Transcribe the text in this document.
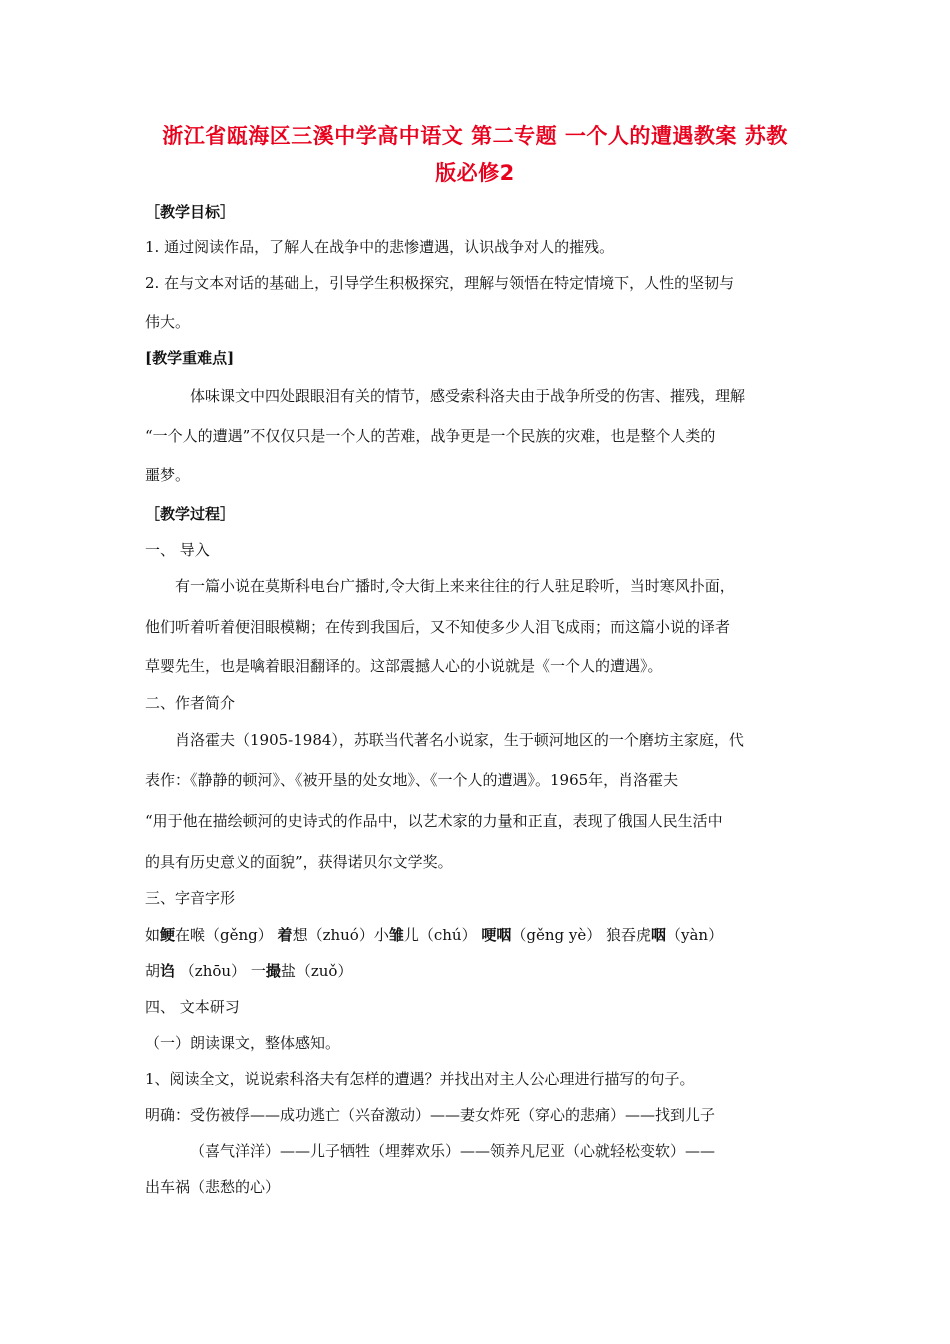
浙江省瓯海区三溪中学高中语文 第二专题 一个人的遭遇教案 苏教
版必修2
［教学目标］
1. 通过阅读作品，了解人在战争中的悲惨遭遇，认识战争对人的摧残。
2. 在与文本对话的基础上，引导学生积极探究，理解与领悟在特定情境下，人性的坚韧与
伟大。
[教学重难点]
体味课文中四处跟眼泪有关的情节，感受索科洛夫由于战争所受的伤害、摧残，理解
“一个人的遭遇”不仅仅只是一个人的苦难，战争更是一个民族的灾难，也是整个人类的
噩梦。
［教学过程］
一、 导入
有一篇小说在莫斯科电台广播时,令大街上来来往往的行人驻足聆听，当时寒风扑面，
他们听着听着便泪眼模糊；在传到我国后，又不知使多少人泪飞成雨；而这篇小说的译者
草婴先生，也是噙着眼泪翻译的。这部震撼人心的小说就是《一个人的遭遇》。
二、作者简介
肖洛霍夫（1905-1984），苏联当代著名小说家，生于顿河地区的一个磨坊主家庭，代
表作：《静静的顿河》、《被开垦的处女地》、《一个人的遭遇》。1965年，肖洛霍夫
“用于他在描绘顿河的史诗式的作品中，以艺术家的力量和正直，表现了俄国人民生活中
的具有历史意义的面貌”，获得诺贝尔文学奖。
三、字音字形
如鲠在喉（gěng） 着想（zhuó）小雏儿（chú） 哽咽（gěng yè） 狼吞虎咽（yàn）
胡诌 （zhōu） 一撮盐（zuǒ）
四、 文本研习
（一）朗读课文，整体感知。
1、阅读全文，说说索科洛夫有怎样的遭遇？并找出对主人公心理进行描写的句子。
明确：受伤被俘——成功逃亡（兴奋激动）——妻女炸死（穿心的悲痛）——找到儿子
（喜气洋洋）——儿子牺牲（埋葬欢乐）——领养凡尼亚（心就轻松变软）——
出车祸（悲愁的心）
